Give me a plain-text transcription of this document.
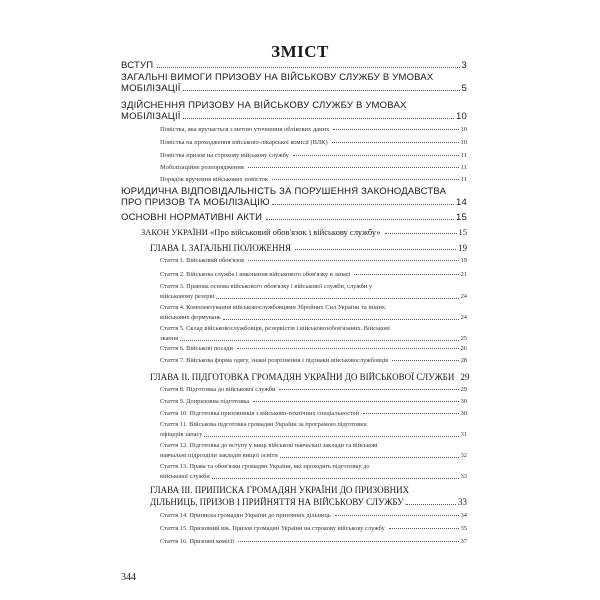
ЗМІСТ
ВСТУП	3
ЗАГАЛЬНІ ВИМОГИ ПРИЗОВУ НА ВІЙСЬКОВУ СЛУЖБУ В УМОВАХ
МОБІЛІЗАЦІЇ	5
ЗДІЙСНЕННЯ ПРИЗОВУ НА ВІЙСЬКОВУ СЛУЖБУ В УМОВАХ
МОБІЛІЗАЦІЇ	10
Повістка, яка вручається з метою уточнення облікових даних	10
Повістка на проходження військово-лікарської комісії (ВЛК)	10
Повістка призов на строкову військову службу	11
Мобілізаційне розпорядження	11
Порядок вручення військових повісток	11
ЮРИДИЧНА ВІДПОВІДАЛЬНІСТЬ ЗА ПОРУШЕННЯ ЗАКОНОДАВСТВА
ПРО ПРИЗОВ ТА МОБІЛІЗАЦІЮ	14
ОСНОВНІ НОРМАТИВНІ АКТИ	15
ЗАКОН УКРАЇНИ «Про військовий обов'язок і військову службу»	15
ГЛАВА І. ЗАГАЛЬНІ ПОЛОЖЕННЯ	19
Стаття 1. Військовий обов'язок	19
Стаття 2. Військова служба і виконання військового обов'язку в запасі	21
Стаття 3. Правова основа військового обов'язку і військової служби, служби у
військовому резерві	24
Стаття 4. Комплектування військовослужбовцями Збройних Сил України та інших
військових формувань	24
Стаття 5. Склад військовослужбовців, резервістів і військовозобов'язаних. Військові
звання	25
Стаття 6. Військові посади	26
Стаття 7. Військова форма одягу, знаки розрізнення і підзнаки військовослужбовців	28
ГЛАВА ІІ. ПІДГОТОВКА ГРОМАДЯН УКРАЇНИ ДО ВІЙСЬКОВОЇ СЛУЖБИ 29
Стаття 8. Підготовка до військової служби	29
Стаття 9. Допризовна підготовка	30
Стаття 10. Підготовка призовників з військово-технічних спеціальностей	30
Стаття 11. Військова підготовка громадян України за програмою підготовки
офіцерів запасу	31
Стаття 12. Підготовка до вступу у вищі військові навчальні заклади та військові
навчальні підрозділи закладів вищої освіти	32
Стаття 13. Права та обов'язки громадян України, які проходять підготовку до
військової служби	33
ГЛАВА ІІІ. ПРИПИСКА ГРОМАДЯН УКРАЇНИ ДО ПРИЗОВНИХ
ДІЛЬНИЦЬ, ПРИЗОВ І ПРИЙНЯТТЯ НА ВІЙСЬКОВУ СЛУЖБУ	33
Стаття 14. Приписка громадян України до призовних дільниць	34
Стаття 15. Призовний вік. Призов громадян України на строкову військову службу	35
Стаття 16. Призовні комісії	37
344
